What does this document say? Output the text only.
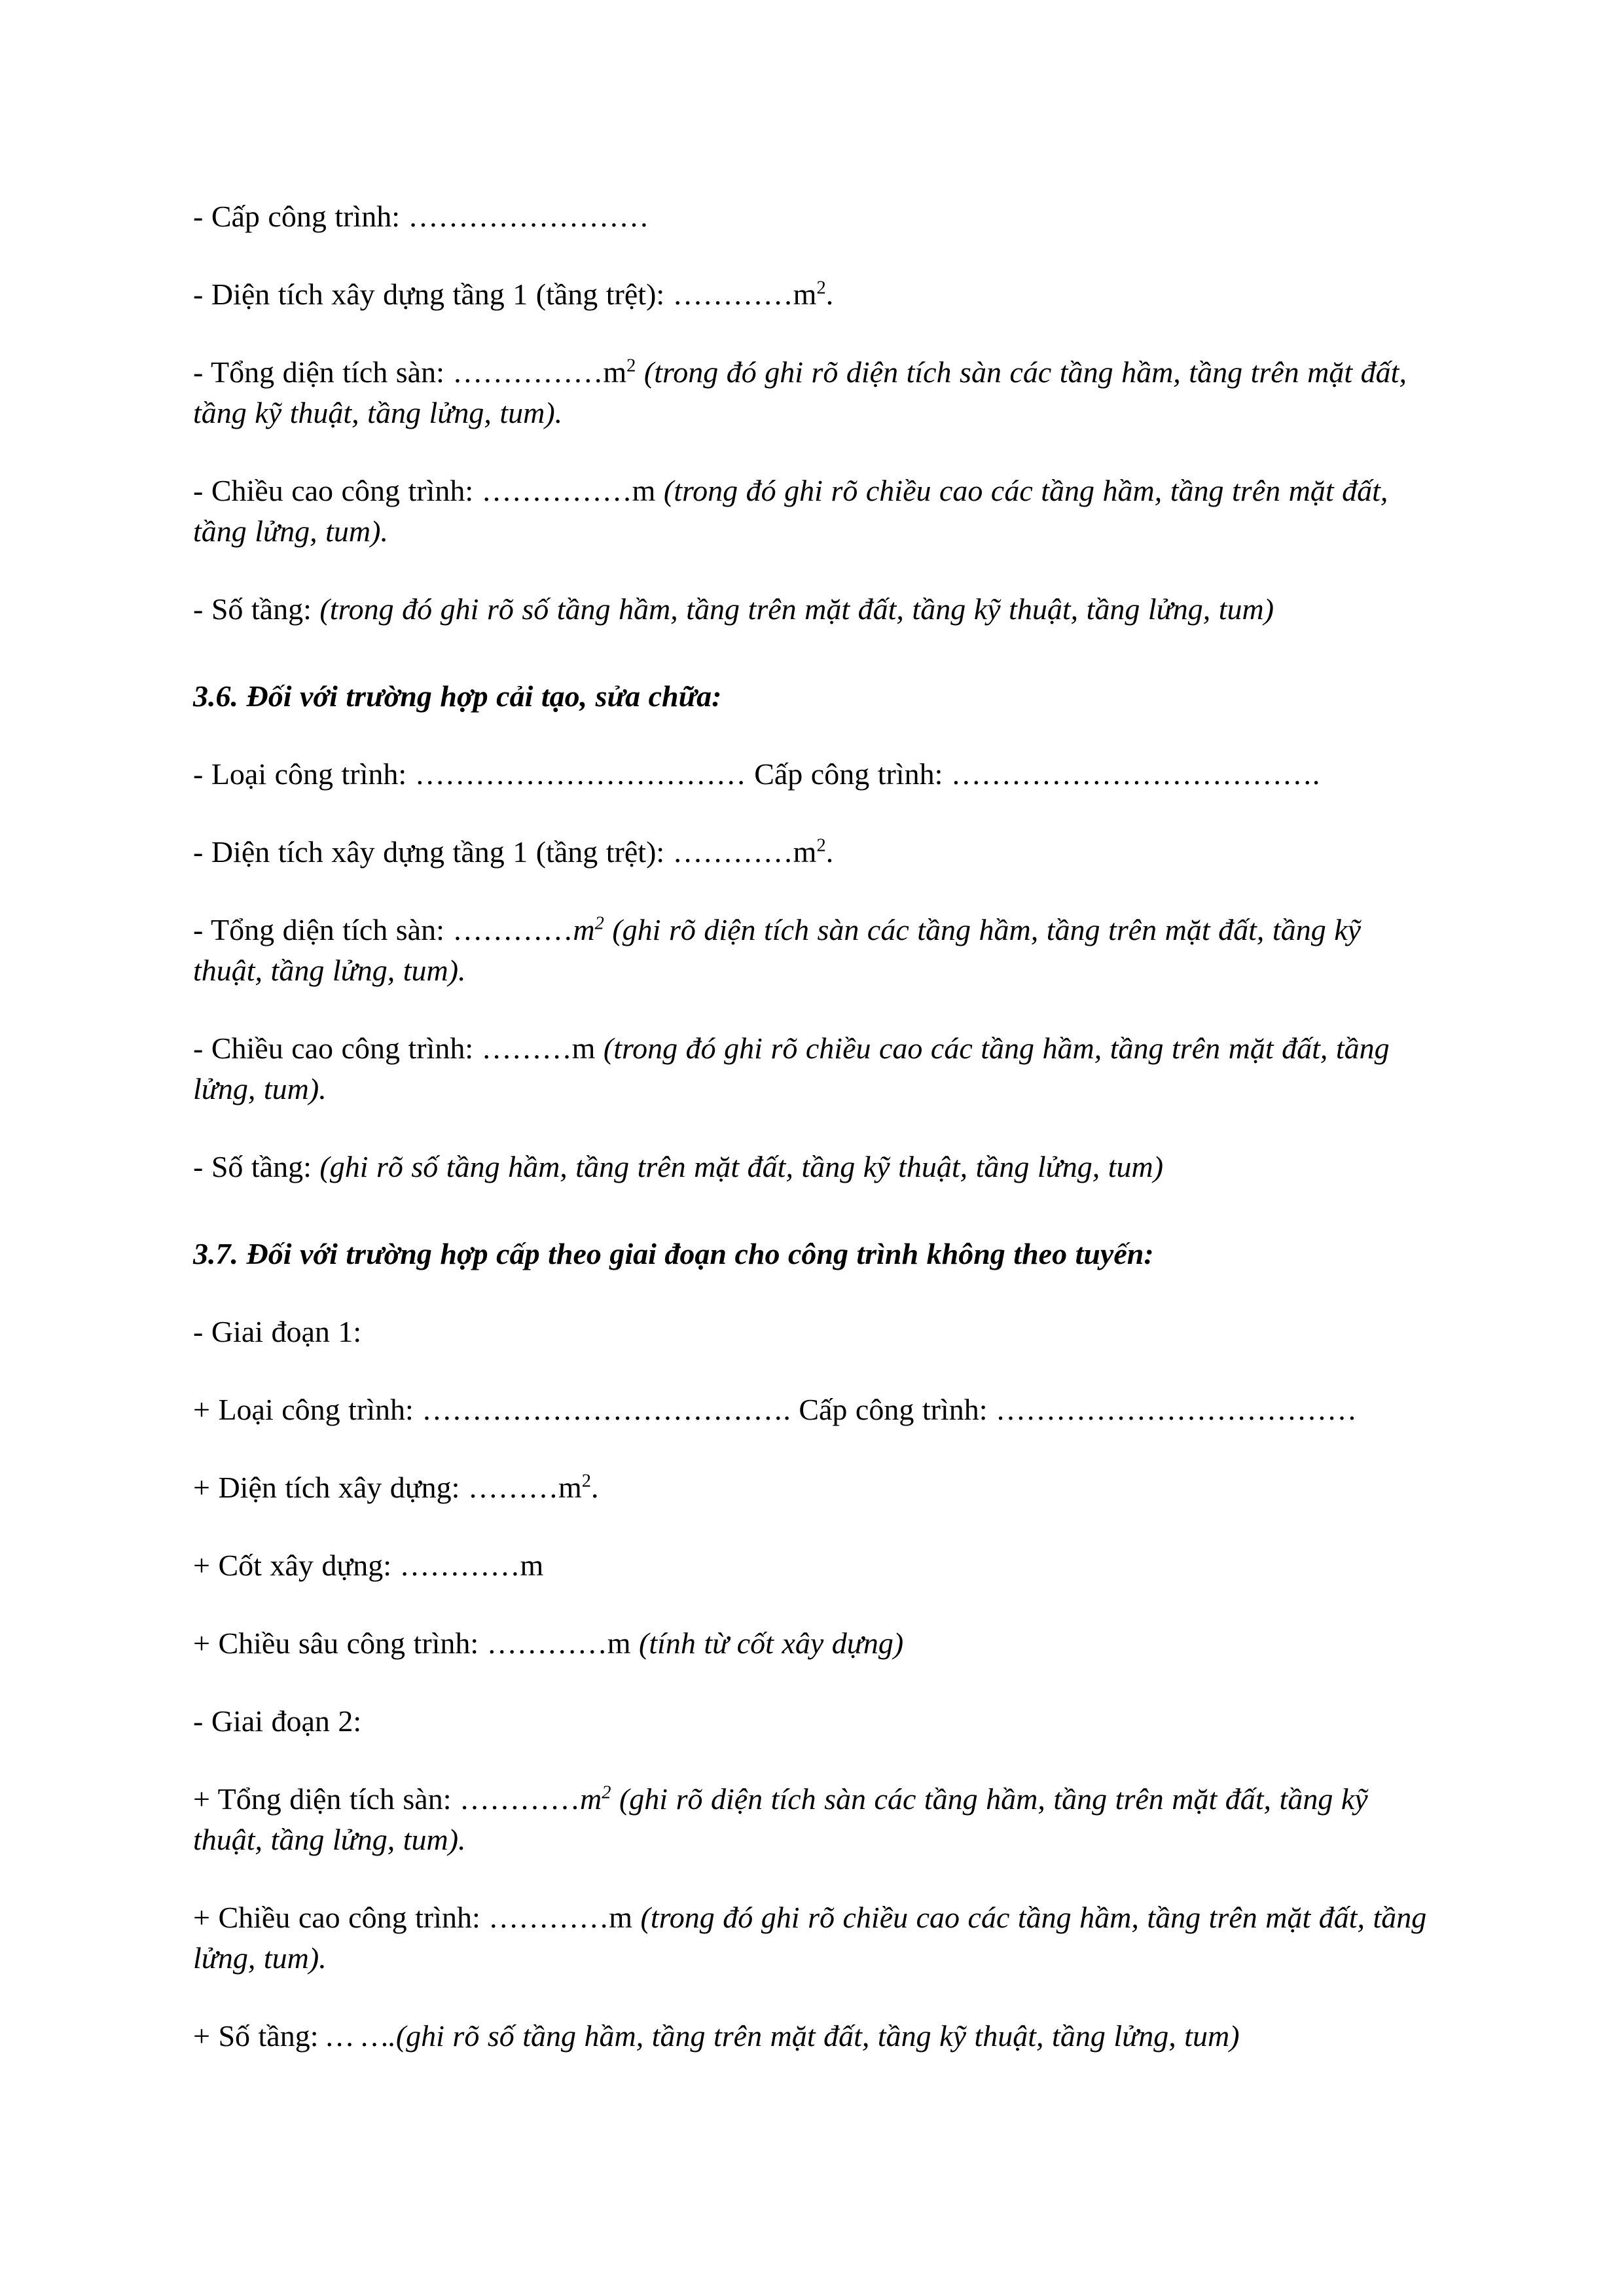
- Cấp công trình: ……………………

- Diện tích xây dựng tầng 1 (tầng trệt): $\dots\dots\dots\dots m^2$.

- Tổng diện tích sàn: $\dots\dots\dots\dots\dots m^2$ (trong đó ghi rõ diện tích sàn các tầng hầm, tầng trên mặt đất, tầng kỹ thuật, tầng lửng, tum).

- Chiều cao công trình: ……………m (trong đó ghi rõ chiều cao các tầng hầm, tầng trên mặt đất, tầng lửng, tum).

- Số tầng: (trong đó ghi rõ số tầng hầm, tầng trên mặt đất, tầng kỹ thuật, tầng lửng, tum)

3.6. Đối với trường hợp cải tạo, sửa chữa:

- Loại công trình: …………………………… Cấp công trình: ……………………………….

- Diện tích xây dựng tầng 1 (tầng trệt): $\dots\dots\dots\dots m^2$.

- Tổng diện tích sàn: $\dots\dots\dots\dots m^2$ (ghi rõ diện tích sàn các tầng hầm, tầng trên mặt đất, tầng kỹ thuật, tầng lửng, tum).

- Chiều cao công trình: ………m (trong đó ghi rõ chiều cao các tầng hầm, tầng trên mặt đất, tầng lửng, tum).

- Số tầng: (ghi rõ số tầng hầm, tầng trên mặt đất, tầng kỹ thuật, tầng lửng, tum)

3.7. Đối với trường hợp cấp theo giai đoạn cho công trình không theo tuyến:

- Giai đoạn 1:

+ Loại công trình: ………………………………. Cấp công trình: ………………………………

+ Diện tích xây dựng: $\dots\dots\dots m^2$.

+ Cốt xây dựng: …………m

+ Chiều sâu công trình: …………m (tính từ cốt xây dựng)

- Giai đoạn 2:

+ Tổng diện tích sàn: $\dots\dots\dots\dots m^2$ (ghi rõ diện tích sàn các tầng hầm, tầng trên mặt đất, tầng kỹ thuật, tầng lửng, tum).

+ Chiều cao công trình: …………m (trong đó ghi rõ chiều cao các tầng hầm, tầng trên mặt đất, tầng lửng, tum).

+ Số tầng: … ….(ghi rõ số tầng hầm, tầng trên mặt đất, tầng kỹ thuật, tầng lửng, tum)
